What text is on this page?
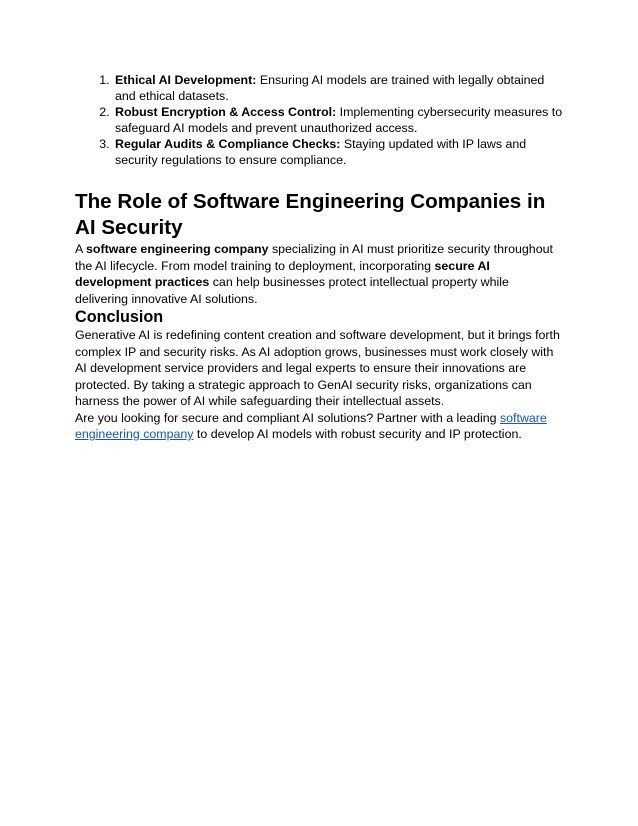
1. Ethical AI Development: Ensuring AI models are trained with legally obtained and ethical datasets.
2. Robust Encryption & Access Control: Implementing cybersecurity measures to safeguard AI models and prevent unauthorized access.
3. Regular Audits & Compliance Checks: Staying updated with IP laws and security regulations to ensure compliance.
The Role of Software Engineering Companies in AI Security

A software engineering company specializing in AI must prioritize security throughout the AI lifecycle. From model training to deployment, incorporating secure AI development practices can help businesses protect intellectual property while delivering innovative AI solutions.

Conclusion

Generative AI is redefining content creation and software development, but it brings forth complex IP and security risks. As AI adoption grows, businesses must work closely with AI development service providers and legal experts to ensure their innovations are protected. By taking a strategic approach to GenAI security risks, organizations can harness the power of AI while safeguarding their intellectual assets.

Are you looking for secure and compliant AI solutions? Partner with a leading software engineering company to develop AI models with robust security and IP protection.
